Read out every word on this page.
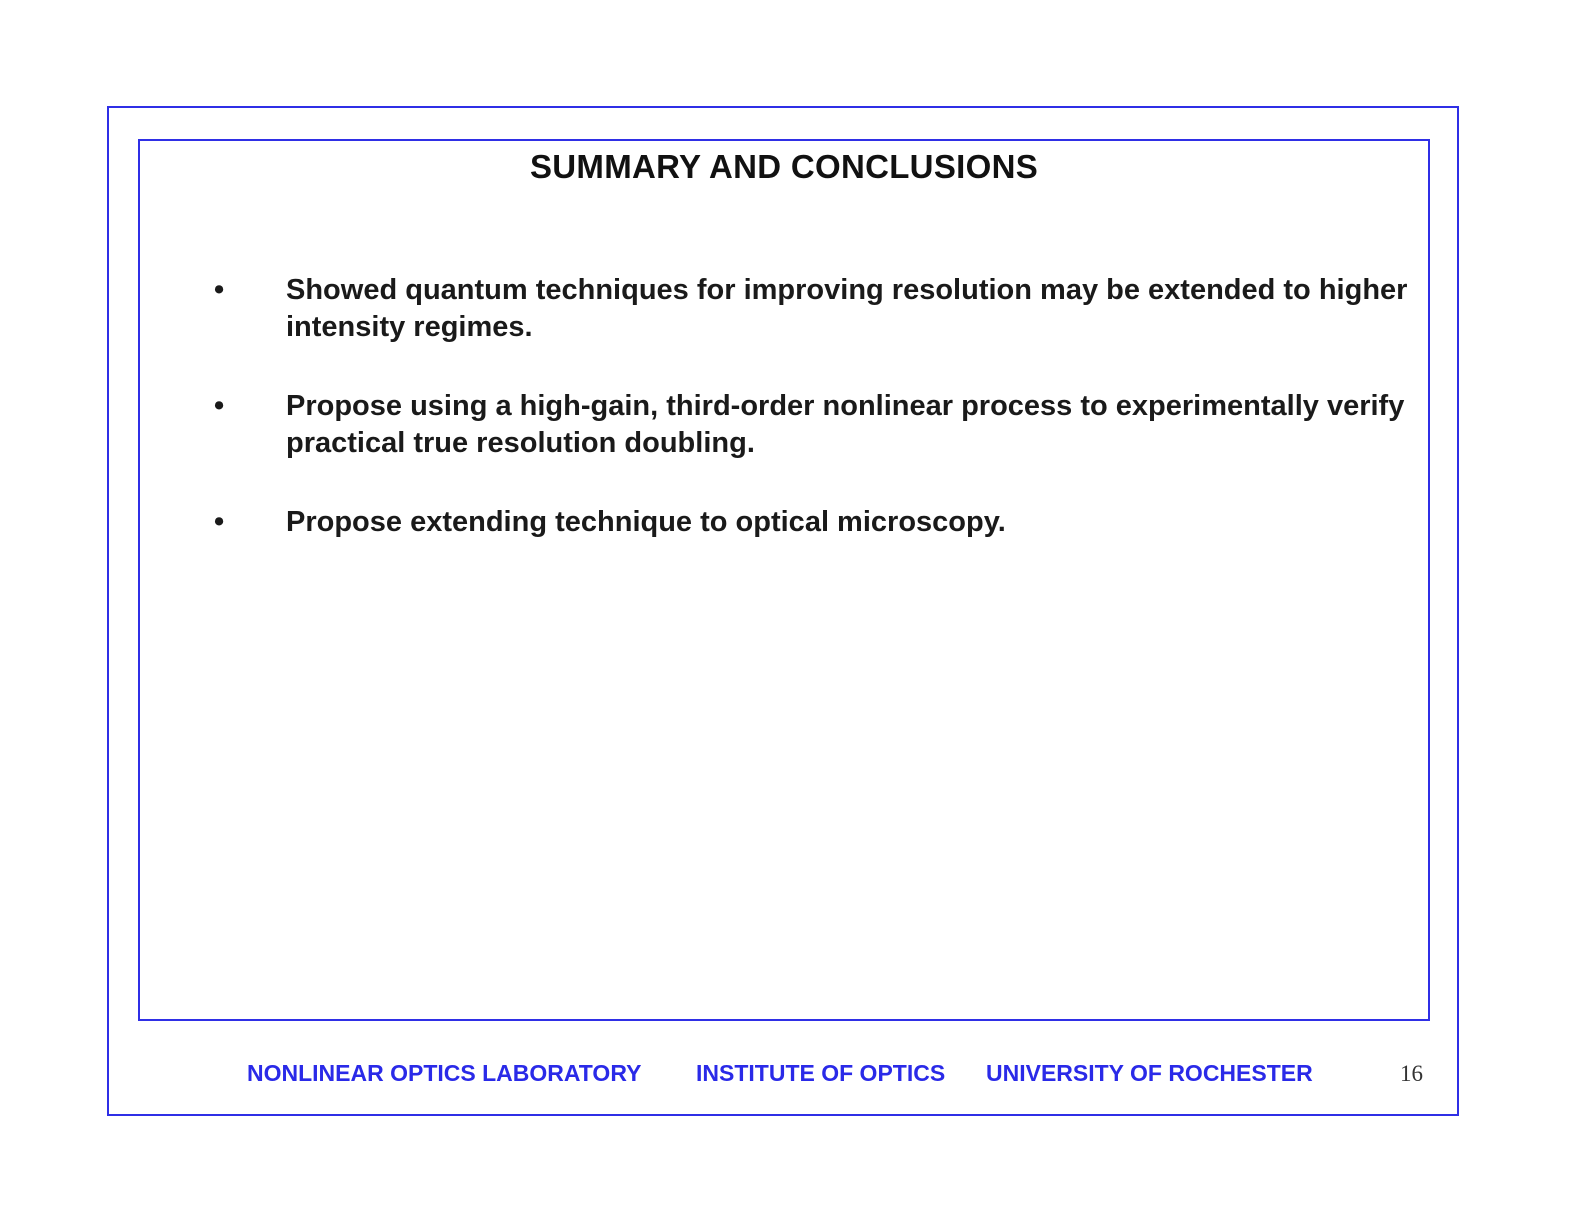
SUMMARY AND CONCLUSIONS
• Showed quantum techniques for improving resolution may be extended to higher intensity regimes.
• Propose using a high-gain, third-order nonlinear process to experimentally verify practical true resolution doubling.
• Propose extending technique to optical microscopy.
NONLINEAR OPTICS LABORATORY INSTITUTE OF OPTICS UNIVERSITY OF ROCHESTER	16
